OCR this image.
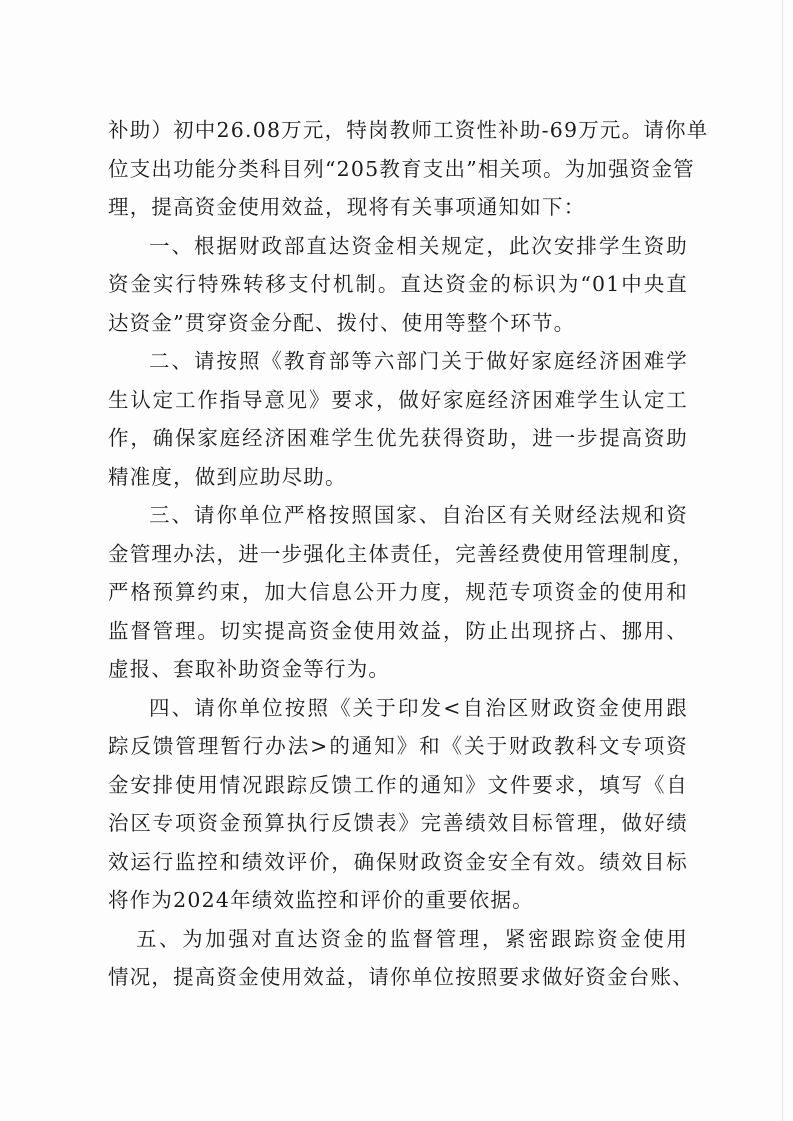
补助）初中26.08万元，特岗教师工资性补助-69万元。请你单
位支出功能分类科目列“205教育支出”相关项。为加强资金管
理，提高资金使用效益，现将有关事项通知如下：
一、根据财政部直达资金相关规定，此次安排学生资助
资金实行特殊转移支付机制。直达资金的标识为“01中央直
达资金”贯穿资金分配、拨付、使用等整个环节。
二、请按照《教育部等六部门关于做好家庭经济困难学
生认定工作指导意见》要求，做好家庭经济困难学生认定工
作，确保家庭经济困难学生优先获得资助，进一步提高资助
精准度，做到应助尽助。
三、请你单位严格按照国家、自治区有关财经法规和资
金管理办法，进一步强化主体责任，完善经费使用管理制度，
严格预算约束，加大信息公开力度，规范专项资金的使用和
监督管理。切实提高资金使用效益，防止出现挤占、挪用、
虚报、套取补助资金等行为。
四、请你单位按照《关于印发<自治区财政资金使用跟
踪反馈管理暂行办法>的通知》和《关于财政教科文专项资
金安排使用情况跟踪反馈工作的通知》文件要求，填写《自
治区专项资金预算执行反馈表》完善绩效目标管理，做好绩
效运行监控和绩效评价，确保财政资金安全有效。绩效目标
将作为2024年绩效监控和评价的重要依据。
五、为加强对直达资金的监督管理，紧密跟踪资金使用
情况，提高资金使用效益，请你单位按照要求做好资金台账、
